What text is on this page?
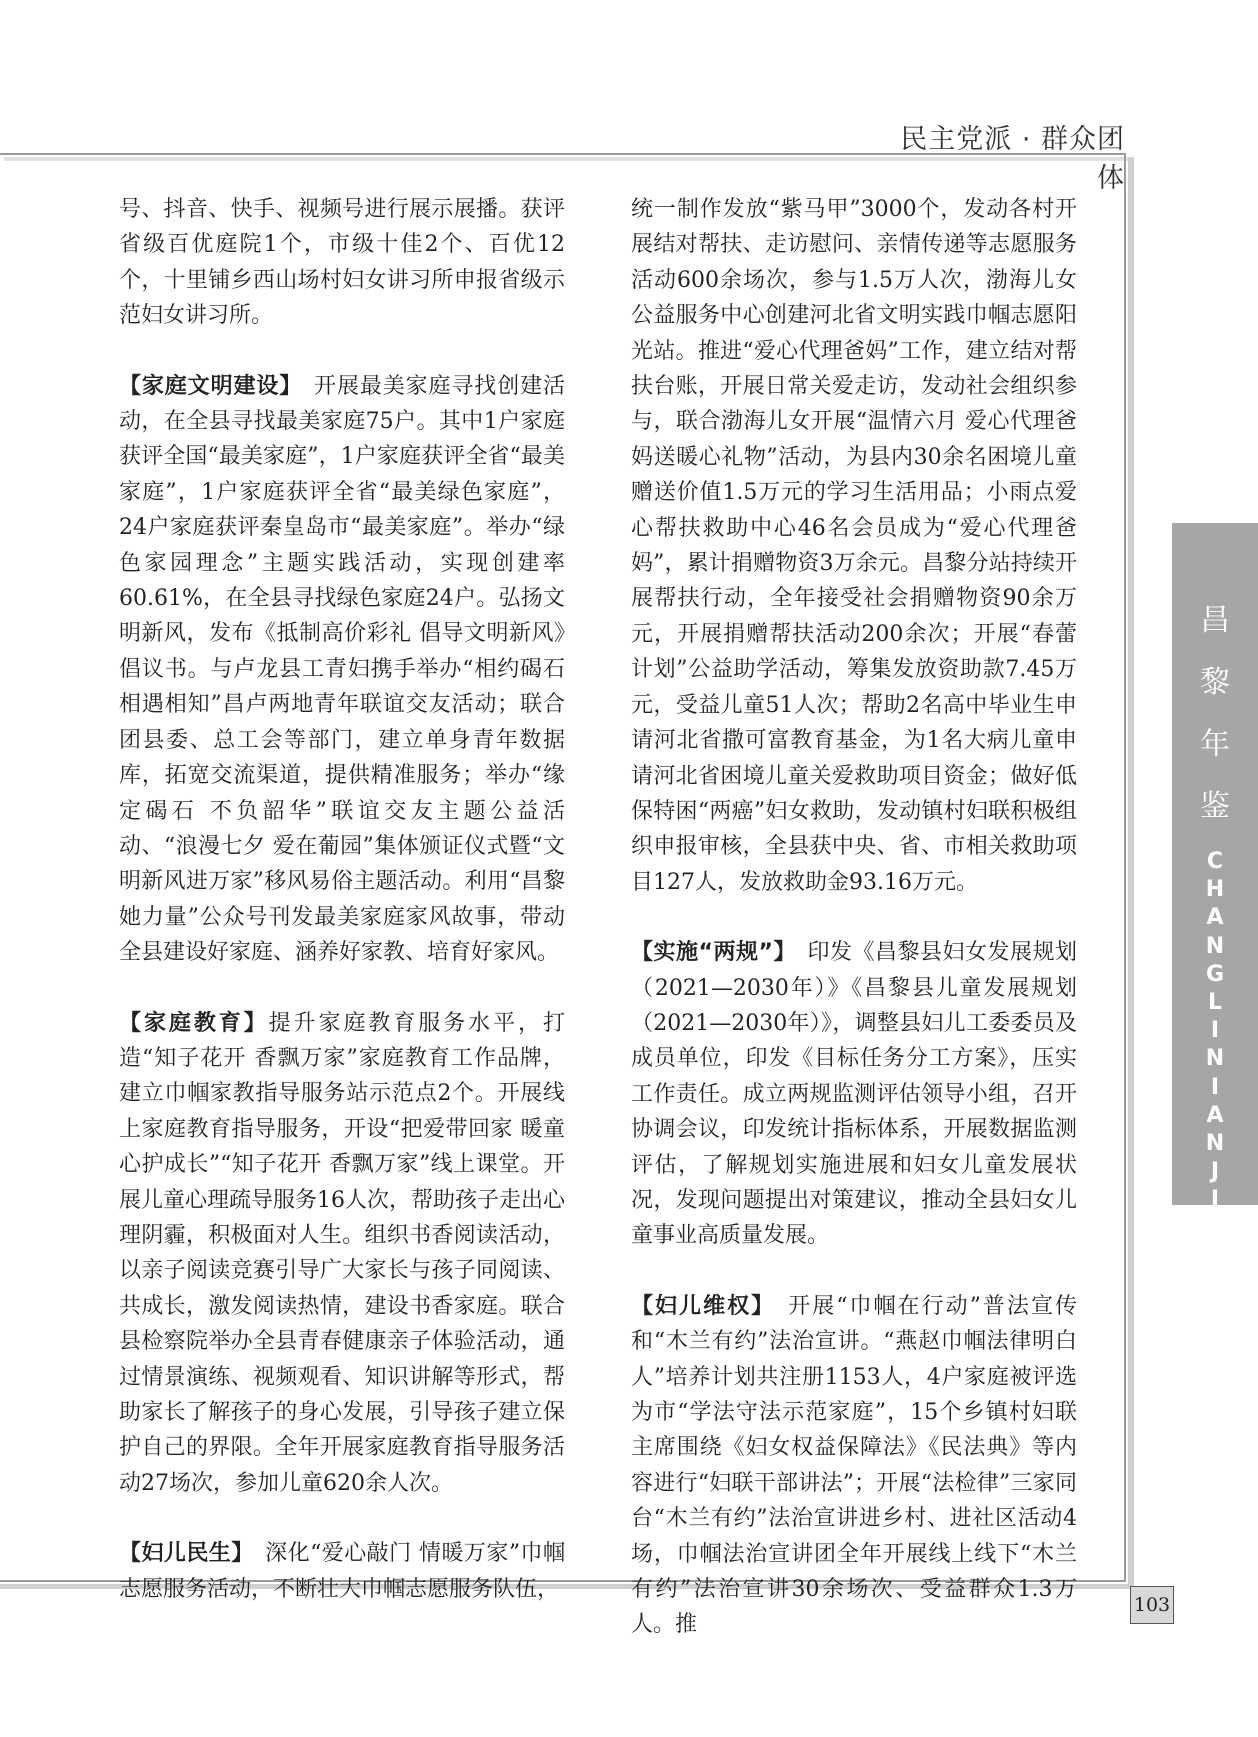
民主党派 · 群众团体

号、抖音、快手、视频号进行展示展播。获评省级百优庭院1个，市级十佳2个、百优12个，十里铺乡西山场村妇女讲习所申报省级示范妇女讲习所。

【家庭文明建设】　开展最美家庭寻找创建活动，在全县寻找最美家庭75户。其中1户家庭获评全国“最美家庭”，1户家庭获评全省“最美家庭”，1户家庭获评全省“最美绿色家庭”，24户家庭获评秦皇岛市“最美家庭”。举办“绿色家园理念”主题实践活动，实现创建率60.61%，在全县寻找绿色家庭24户。弘扬文明新风，发布《抵制高价彩礼 倡导文明新风》倡议书。与卢龙县工青妇携手举办“相约碣石 相遇相知”昌卢两地青年联谊交友活动；联合团县委、总工会等部门，建立单身青年数据库，拓宽交流渠道，提供精准服务；举办“缘定碣石 不负韶华”联谊交友主题公益活动、“浪漫七夕 爱在葡园”集体颁证仪式暨“文明新风进万家”移风易俗主题活动。利用“昌黎她力量”公众号刊发最美家庭家风故事，带动全县建设好家庭、涵养好家教、培育好家风。

【家庭教育】提升家庭教育服务水平，打造“知子花开 香飘万家”家庭教育工作品牌，建立巾帼家教指导服务站示范点2个。开展线上家庭教育指导服务，开设“把爱带回家 暖童心护成长”“知子花开 香飘万家”线上课堂。开展儿童心理疏导服务16人次，帮助孩子走出心理阴霾，积极面对人生。组织书香阅读活动，以亲子阅读竞赛引导广大家长与孩子同阅读、共成长，激发阅读热情，建设书香家庭。联合县检察院举办全县青春健康亲子体验活动，通过情景演练、视频观看、知识讲解等形式，帮助家长了解孩子的身心发展，引导孩子建立保护自己的界限。全年开展家庭教育指导服务活动27场次，参加儿童620余人次。

【妇儿民生】　深化“爱心敲门 情暖万家”巾帼志愿服务活动，不断壮大巾帼志愿服务队伍，

统一制作发放“紫马甲”3000个，发动各村开展结对帮扶、走访慰问、亲情传递等志愿服务活动600余场次，参与1.5万人次，渤海儿女公益服务中心创建河北省文明实践巾帼志愿阳光站。推进“爱心代理爸妈”工作，建立结对帮扶台账，开展日常关爱走访，发动社会组织参与，联合渤海儿女开展“温情六月 爱心代理爸妈送暖心礼物”活动，为县内30余名困境儿童赠送价值1.5万元的学习生活用品；小雨点爱心帮扶救助中心46名会员成为“爱心代理爸妈”，累计捐赠物资3万余元。昌黎分站持续开展帮扶行动，全年接受社会捐赠物资90余万元，开展捐赠帮扶活动200余次；开展“春蕾计划”公益助学活动，筹集发放资助款7.45万元，受益儿童51人次；帮助2名高中毕业生申请河北省撒可富教育基金，为1名大病儿童申请河北省困境儿童关爱救助项目资金；做好低保特困“两癌”妇女救助，发动镇村妇联积极组织申报审核，全县获中央、省、市相关救助项目127人，发放救助金93.16万元。

【实施“两规”】　印发《昌黎县妇女发展规划（2021—2030年）》《昌黎县儿童发展规划（2021—2030年）》，调整县妇儿工委委员及成员单位，印发《目标任务分工方案》，压实工作责任。成立两规监测评估领导小组，召开协调会议，印发统计指标体系，开展数据监测评估，了解规划实施进展和妇女儿童发展状况，发现问题提出对策建议，推动全县妇女儿童事业高质量发展。

【妇儿维权】　开展“巾帼在行动”普法宣传和“木兰有约”法治宣讲。“燕赵巾帼法律明白人”培养计划共注册1153人，4户家庭被评选为市“学法守法示范家庭”，15个乡镇村妇联主席围绕《妇女权益保障法》《民法典》等内容进行“妇联干部讲法”；开展“法检律”三家同台“木兰有约”法治宣讲进乡村、进社区活动4场，巾帼法治宣讲团全年开展线上线下“木兰有约”法治宣讲30余场次、受益群众1.3万人。推

昌
黎
年
鉴
C
H
A
N
G
L
I
N
I
A
N
J
I
A
N
103
